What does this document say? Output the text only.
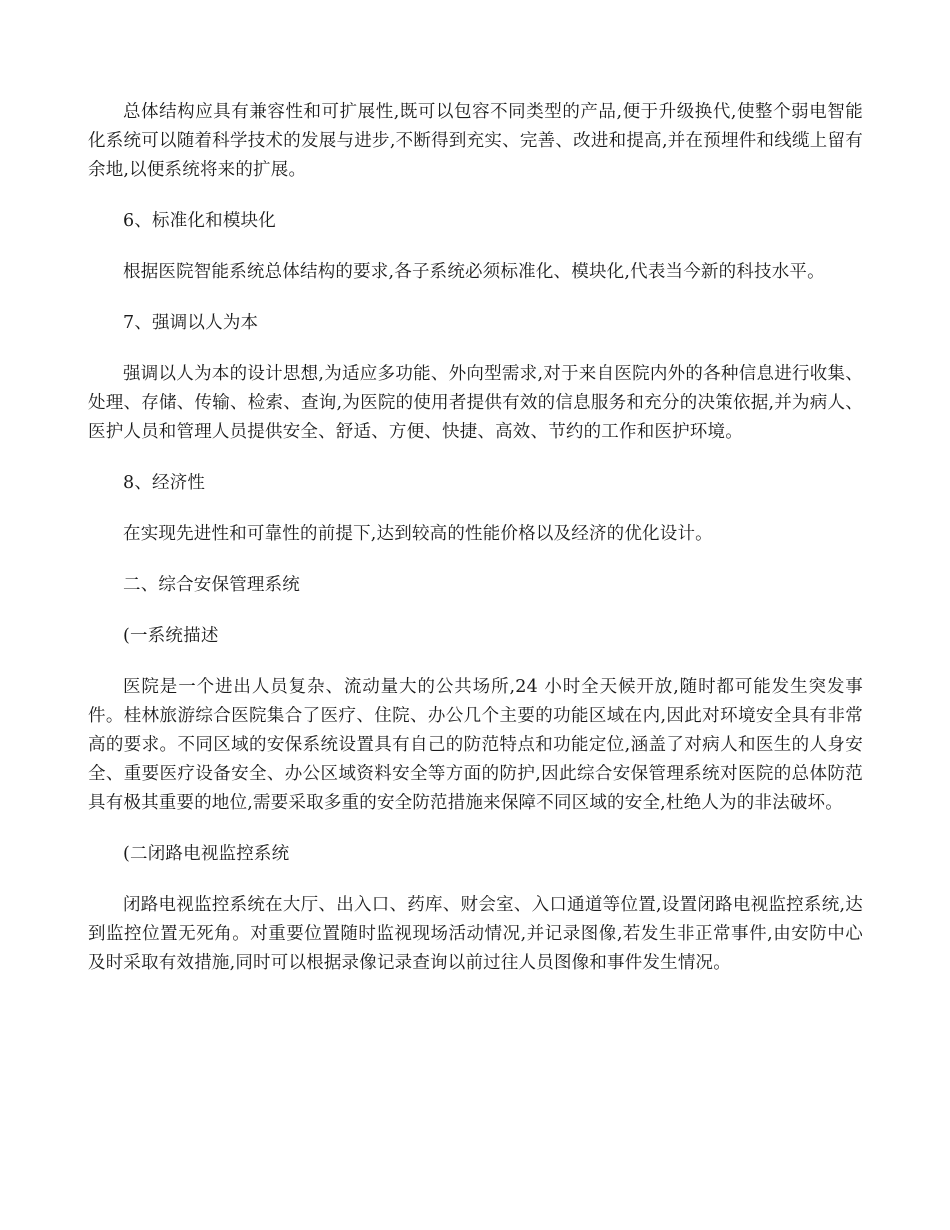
总体结构应具有兼容性和可扩展性,既可以包容不同类型的产品,便于升级换代,使整个弱电智能化系统可以随着科学技术的发展与进步,不断得到充实、完善、改进和提高,并在预埋件和线缆上留有余地,以便系统将来的扩展。

6、标准化和模块化

根据医院智能系统总体结构的要求,各子系统必须标准化、模块化,代表当今新的科技水平。

7、强调以人为本

强调以人为本的设计思想,为适应多功能、外向型需求,对于来自医院内外的各种信息进行收集、处理、存储、传输、检索、查询,为医院的使用者提供有效的信息服务和充分的决策依据,并为病人、医护人员和管理人员提供安全、舒适、方便、快捷、高效、节约的工作和医护环境。

8、经济性

在实现先进性和可靠性的前提下,达到较高的性能价格以及经济的优化设计。

二、综合安保管理系统

(一系统描述

医院是一个进出人员复杂、流动量大的公共场所,24 小时全天候开放,随时都可能发生突发事件。桂林旅游综合医院集合了医疗、住院、办公几个主要的功能区域在内,因此对环境安全具有非常高的要求。不同区域的安保系统设置具有自己的防范特点和功能定位,涵盖了对病人和医生的人身安全、重要医疗设备安全、办公区域资料安全等方面的防护,因此综合安保管理系统对医院的总体防范具有极其重要的地位,需要采取多重的安全防范措施来保障不同区域的安全,杜绝人为的非法破坏。

(二闭路电视监控系统

闭路电视监控系统在大厅、出入口、药库、财会室、入口通道等位置,设置闭路电视监控系统,达到监控位置无死角。对重要位置随时监视现场活动情况,并记录图像,若发生非正常事件,由安防中心及时采取有效措施,同时可以根据录像记录查询以前过往人员图像和事件发生情况。
